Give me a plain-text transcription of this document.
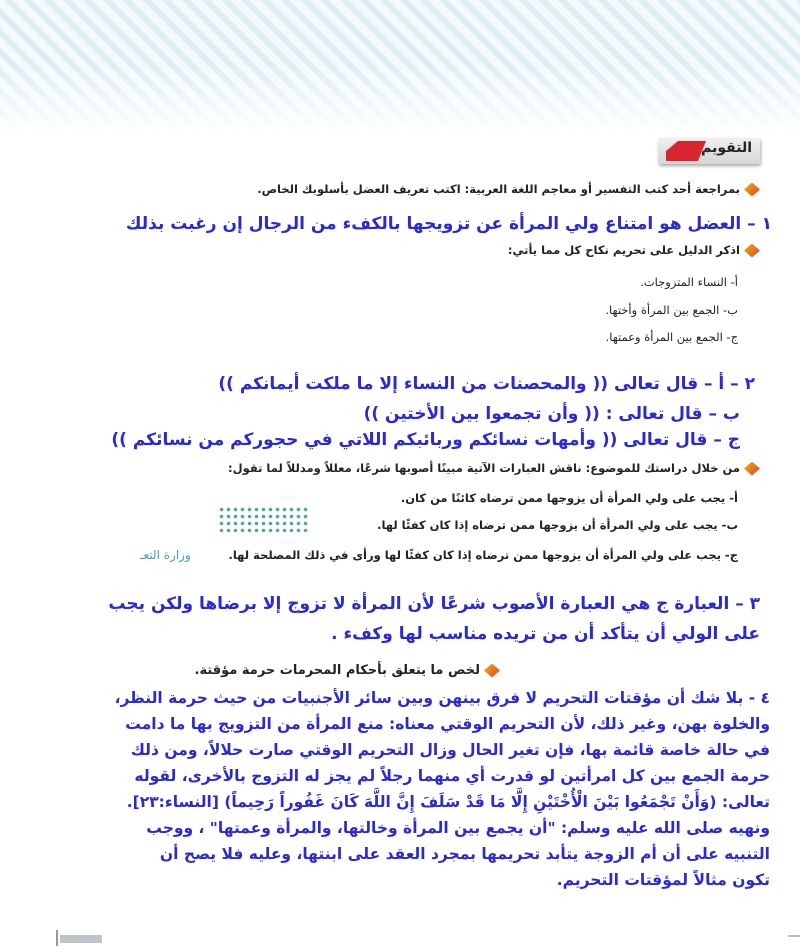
التقويم
بمراجعة أحد كتب التفسير أو معاجم اللغة العربية: اكتب تعريف العضل بأسلوبك الخاص.
١ – العضل هو امتناع ولي المرأة عن تزويجها بالكفء من الرجال إن رغبت بذلك
اذكر الدليل على تحريم نكاح كل مما يأتي:
أ- النساء المتزوجات.
ب- الجمع بين المرأة وأختها.
ج- الجمع بين المرأة وعمتها.
٢ – أ – قال تعالى (( والمحصنات من النساء إلا ما ملكت أيمانكم ))
ب – قال تعالى : (( وأن تجمعوا بين الأختين ))
ج – قال تعالى (( وأمهات نسائكم وربائبكم اللاتي في حجوركم من نسائكم ))
من خلال دراستك للموضوع: ناقش العبارات الآتية مبينًا أصوبها شرعًا، معللاً ومدللاً لما تقول:
أ- يجب على ولي المرأة أن يزوجها ممن ترضاه كائنًا من كان.
ب- يجب على ولي المرأة أن يزوجها ممن ترضاه إذا كان كفئًا لها.
ج- يجب على ولي المرأة أن يزوجها ممن ترضاه إذا كان كفئًا لها ورأى في ذلك المصلحة لها.
وزارة التعـ
٣ – العبارة ج هي العبارة الأصوب شرعًا لأن المرأة لا تزوج إلا برضاها ولكن يجب
على الولي أن يتأكد أن من تريده مناسب لها وكفء .
لخص ما يتعلق بأحكام المحرمات حرمة مؤقتة.
٤ - بلا شك أن مؤقتات التحريم لا فرق بينهن وبين سائر الأجنبيات من حيث حرمة النظر،
والخلوة بهن، وغير ذلك، لأن التحريم الوقتي معناه: منع المرأة من التزويج بها ما دامت
في حالة خاصة قائمة بها، فإن تغير الحال وزال التحريم الوقتي صارت حلالاً، ومن ذلك
حرمة الجمع بين كل امرأتين لو قدرت أي منهما رجلاً لم يجز له التزوج بالأخرى، لقوله
تعالى: (وَأَنْ تَجْمَعُوا بَيْنَ الْأُخْتَيْنِ إِلَّا مَا قَدْ سَلَفَ إِنَّ اللَّهَ كَانَ غَفُوراً رَحِيماً) [النساء:٢٣].
ونهيه صلى الله عليه وسلم: "أن يجمع بين المرأة وخالتها، والمرأة وعمتها" ، ووجب
التنبيه على أن أم الزوجة يتأبد تحريمها بمجرد العقد على ابنتها، وعليه فلا يصح أن
تكون مثالاً لمؤقتات التحريم.
